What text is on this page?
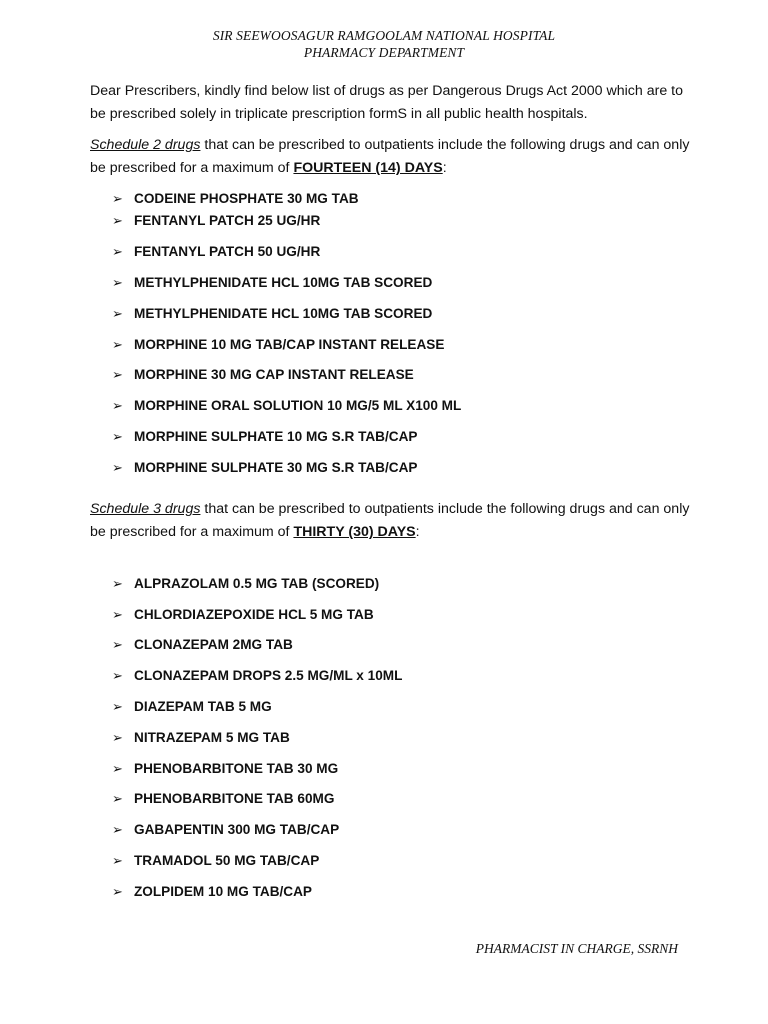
SIR SEEWOOSAGUR RAMGOOLAM NATIONAL HOSPITAL
PHARMACY DEPARTMENT
Dear Prescribers, kindly find below list of drugs as per Dangerous Drugs Act 2000 which are to be prescribed solely in triplicate prescription formS in all public health hospitals.
Schedule 2 drugs that can be prescribed to outpatients include the following drugs and can only be prescribed for a maximum of FOURTEEN (14) DAYS:
➢ CODEINE PHOSPHATE 30 MG TAB
➢ FENTANYL PATCH 25 UG/HR
➢ FENTANYL PATCH 50 UG/HR
➢ METHYLPHENIDATE HCL 10MG TAB SCORED
➢ METHYLPHENIDATE HCL 10MG TAB SCORED
➢ MORPHINE 10 MG TAB/CAP INSTANT RELEASE
➢ MORPHINE 30 MG CAP INSTANT RELEASE
➢ MORPHINE ORAL SOLUTION 10 MG/5 ML X100 ML
➢ MORPHINE SULPHATE 10 MG S.R TAB/CAP
➢ MORPHINE SULPHATE 30 MG S.R TAB/CAP
Schedule 3 drugs that can be prescribed to outpatients include the following drugs and can only be prescribed for a maximum of THIRTY (30) DAYS:
➢ ALPRAZOLAM 0.5 MG TAB (SCORED)
➢ CHLORDIAZEPOXIDE HCL 5 MG TAB
➢ CLONAZEPAM 2MG TAB
➢ CLONAZEPAM DROPS 2.5 MG/ML x 10ML
➢ DIAZEPAM TAB 5 MG
➢ NITRAZEPAM 5 MG TAB
➢ PHENOBARBITONE TAB 30 MG
➢ PHENOBARBITONE TAB 60MG
➢ GABAPENTIN 300 MG TAB/CAP
➢ TRAMADOL 50 MG TAB/CAP
➢ ZOLPIDEM 10 MG TAB/CAP
PHARMACIST IN CHARGE, SSRNH
